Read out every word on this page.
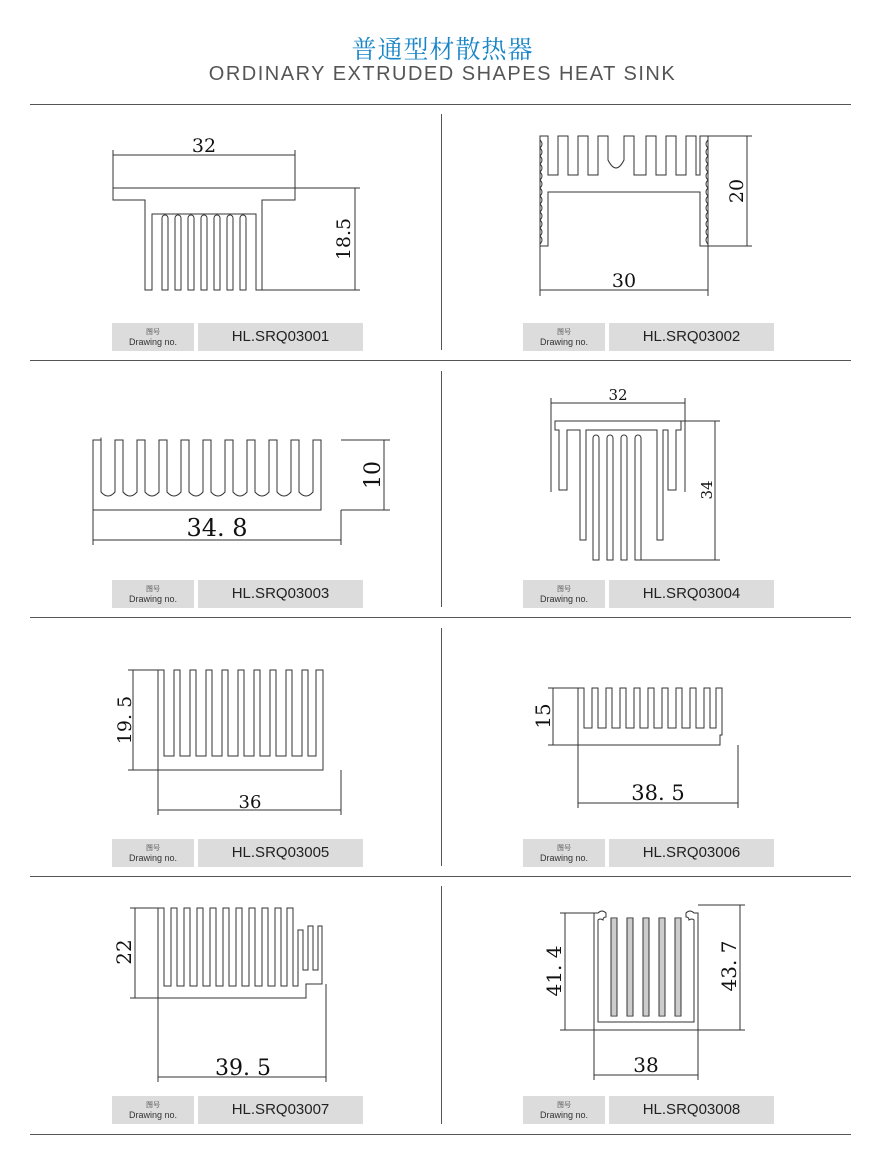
普通型材散热器
ORDINARY EXTRUDED SHAPES HEAT SINK
32
18.5
图号
Drawing no.	HL.SRQ03001
30
20
图号
Drawing no.	HL.SRQ03002
34. 8
10
图号
Drawing no.	HL.SRQ03003
32
34
图号
Drawing no.	HL.SRQ03004
36
19. 5
图号
Drawing no.	HL.SRQ03005
38. 5
15
图号
Drawing no.	HL.SRQ03006
39. 5
22
图号
Drawing no.	HL.SRQ03007
38
41. 4	43. 7
图号
Drawing no.	HL.SRQ03008
